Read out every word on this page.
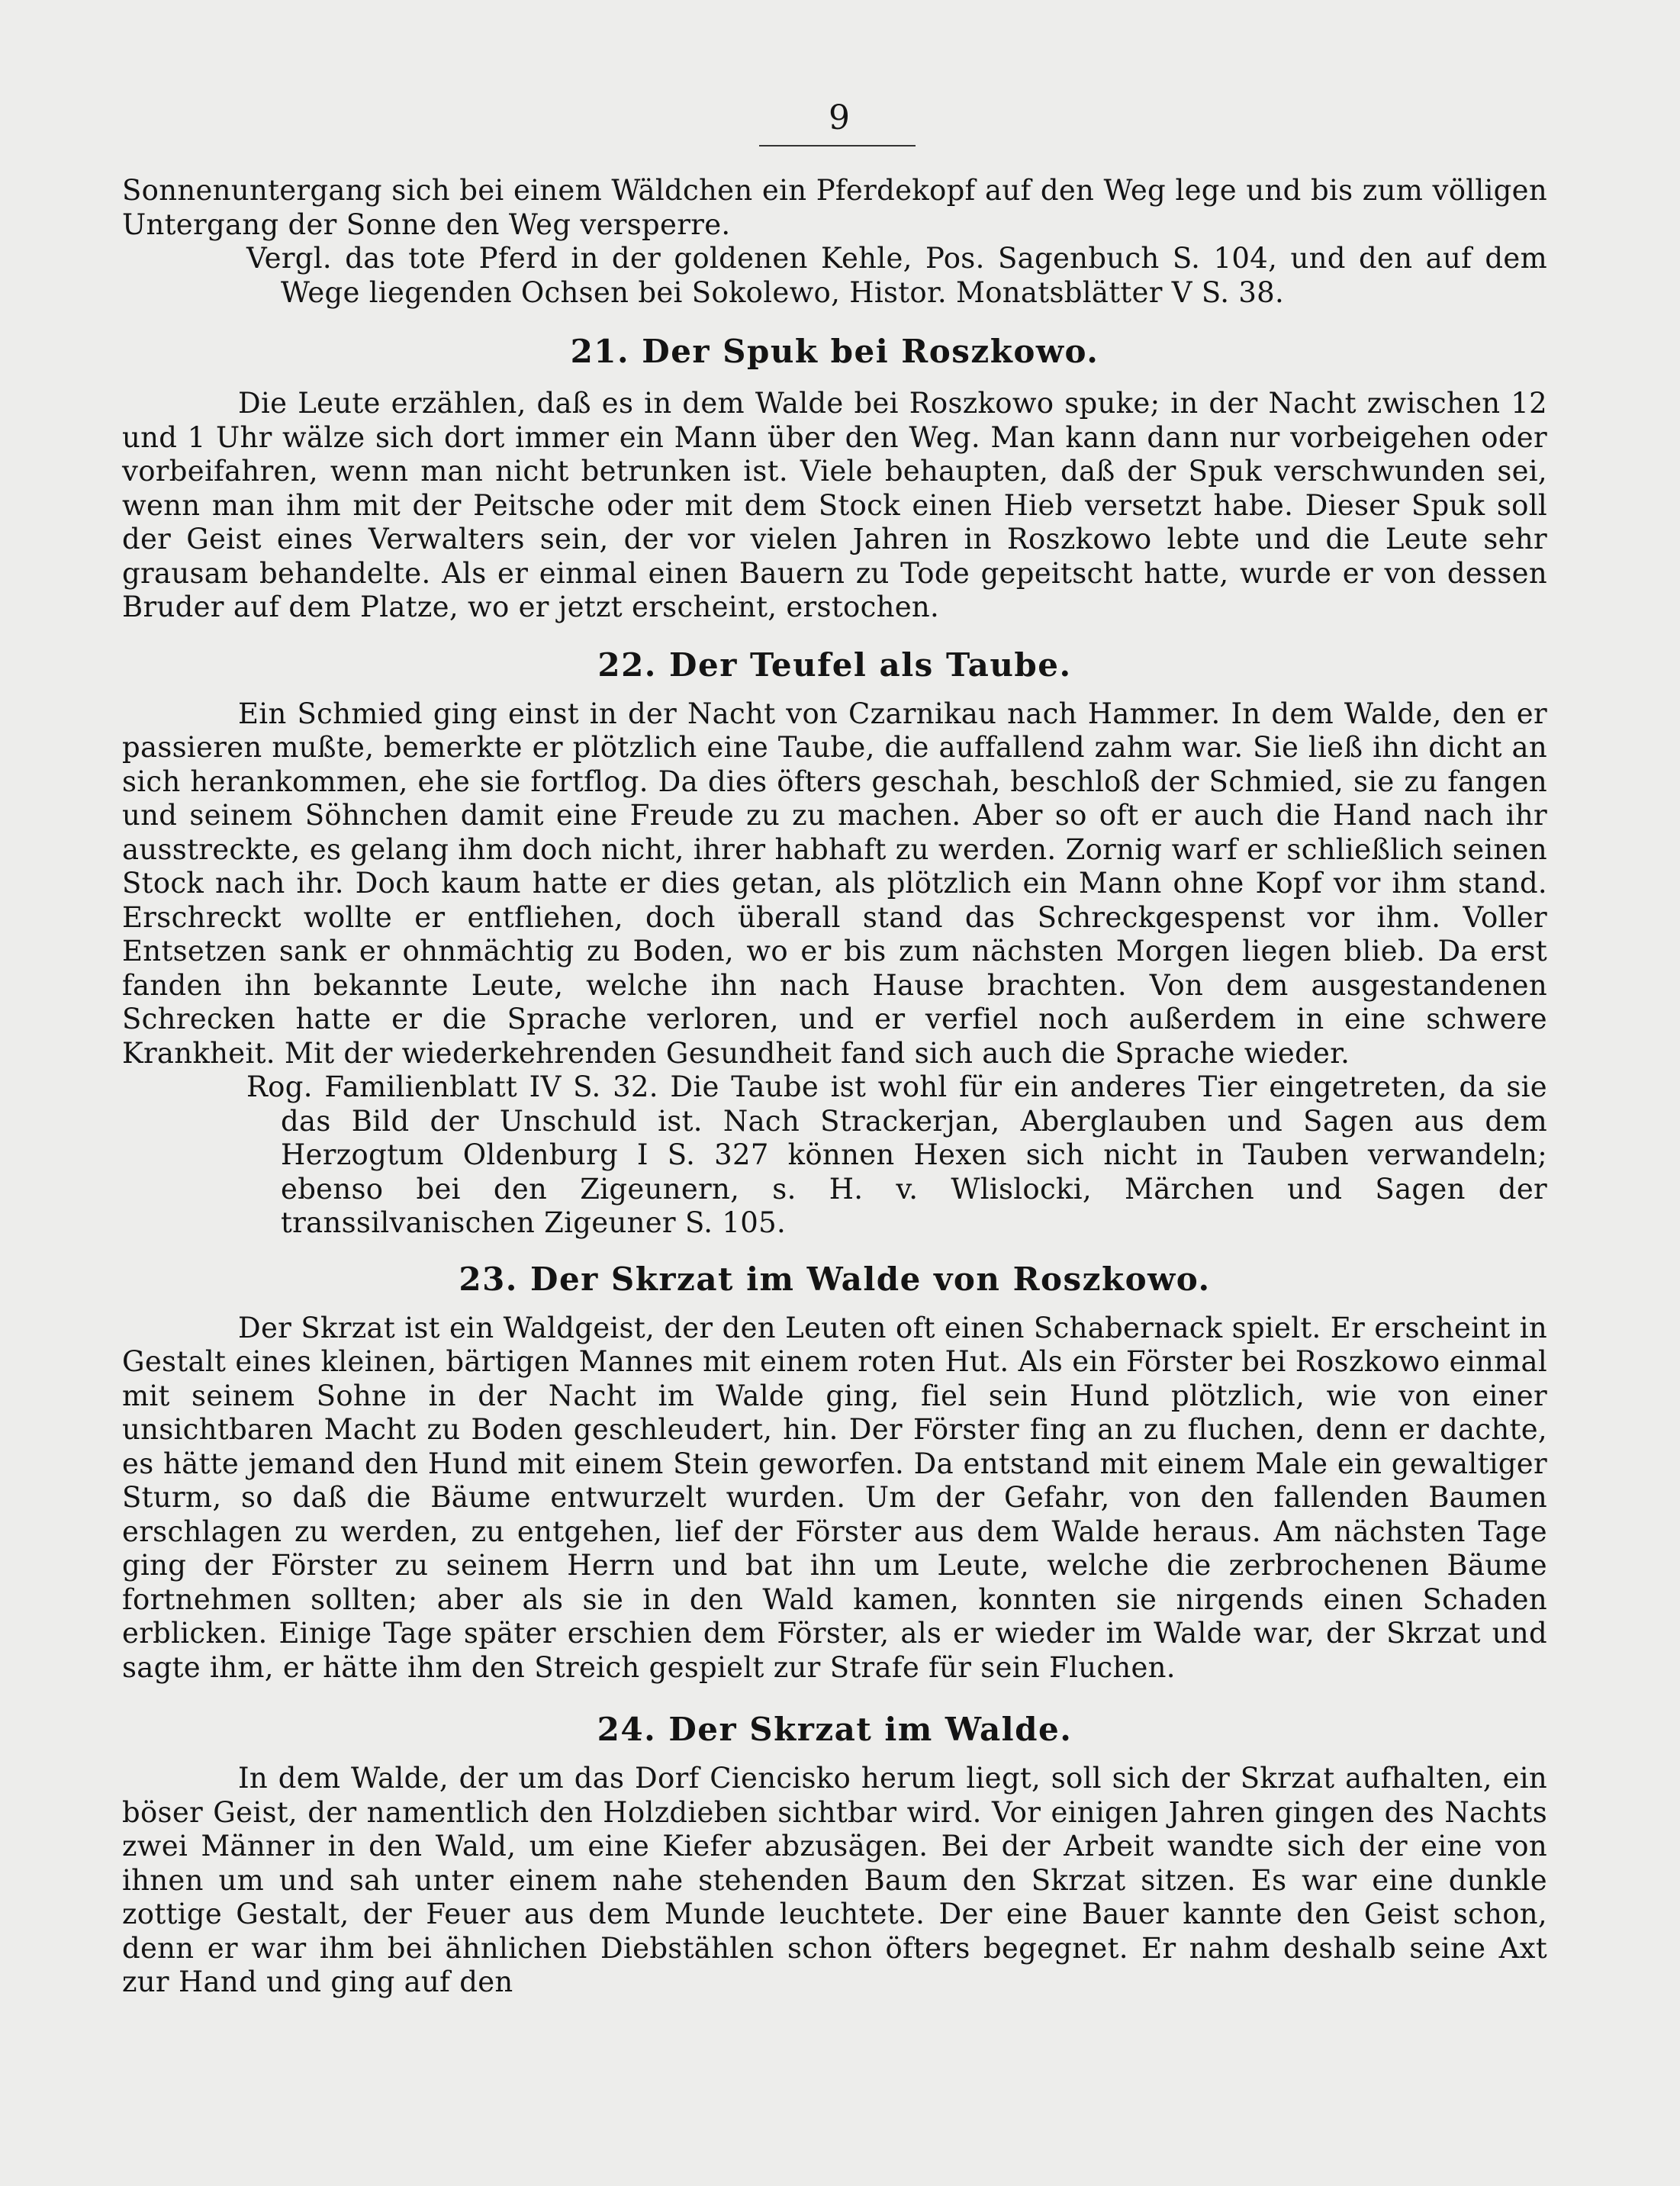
9

Sonnenuntergang sich bei einem Wäldchen ein Pferdekopf auf den Weg lege und bis zum völligen Untergang der Sonne den Weg versperre.

Vergl. das tote Pferd in der goldenen Kehle, Pos. Sagenbuch S. 104, und den auf dem Wege liegenden Ochsen bei Sokolewo, Histor. Monatsblätter V S. 38.

21. Der Spuk bei Roszkowo.

Die Leute erzählen, daß es in dem Walde bei Roszkowo spuke; in der Nacht zwischen 12 und 1 Uhr wälze sich dort immer ein Mann über den Weg. Man kann dann nur vorbeigehen oder vorbeifahren, wenn man nicht betrunken ist. Viele behaupten, daß der Spuk verschwunden sei, wenn man ihm mit der Peitsche oder mit dem Stock einen Hieb versetzt habe. Dieser Spuk soll der Geist eines Verwalters sein, der vor vielen Jahren in Roszkowo lebte und die Leute sehr grausam behandelte. Als er einmal einen Bauern zu Tode gepeitscht hatte, wurde er von dessen Bruder auf dem Platze, wo er jetzt erscheint, erstochen.

22. Der Teufel als Taube.

Ein Schmied ging einst in der Nacht von Czarnikau nach Hammer. In dem Walde, den er passieren mußte, bemerkte er plötzlich eine Taube, die auffallend zahm war. Sie ließ ihn dicht an sich herankommen, ehe sie fortflog. Da dies öfters geschah, beschloß der Schmied, sie zu fangen und seinem Söhnchen damit eine Freude zu zu machen. Aber so oft er auch die Hand nach ihr ausstreckte, es gelang ihm doch nicht, ihrer habhaft zu werden. Zornig warf er schließlich seinen Stock nach ihr. Doch kaum hatte er dies getan, als plötzlich ein Mann ohne Kopf vor ihm stand. Erschreckt wollte er entfliehen, doch überall stand das Schreckgespenst vor ihm. Voller Entsetzen sank er ohnmächtig zu Boden, wo er bis zum nächsten Morgen liegen blieb. Da erst fanden ihn bekannte Leute, welche ihn nach Hause brachten. Von dem ausgestandenen Schrecken hatte er die Sprache verloren, und er verfiel noch außerdem in eine schwere Krankheit. Mit der wiederkehrenden Gesundheit fand sich auch die Sprache wieder.

Rog. Familienblatt IV S. 32. Die Taube ist wohl für ein anderes Tier eingetreten, da sie das Bild der Unschuld ist. Nach Strackerjan, Aberglauben und Sagen aus dem Herzogtum Oldenburg I S. 327 können Hexen sich nicht in Tauben verwandeln; ebenso bei den Zigeunern, s. H. v. Wlislocki, Märchen und Sagen der transsilvanischen Zigeuner S. 105.

23. Der Skrzat im Walde von Roszkowo.

Der Skrzat ist ein Waldgeist, der den Leuten oft einen Schabernack spielt. Er erscheint in Gestalt eines kleinen, bärtigen Mannes mit einem roten Hut. Als ein Förster bei Roszkowo einmal mit seinem Sohne in der Nacht im Walde ging, fiel sein Hund plötzlich, wie von einer unsichtbaren Macht zu Boden geschleudert, hin. Der Förster fing an zu fluchen, denn er dachte, es hätte jemand den Hund mit einem Stein geworfen. Da entstand mit einem Male ein gewaltiger Sturm, so daß die Bäume entwurzelt wurden. Um der Gefahr, von den fallenden Baumen erschlagen zu werden, zu entgehen, lief der Förster aus dem Walde heraus. Am nächsten Tage ging der Förster zu seinem Herrn und bat ihn um Leute, welche die zerbrochenen Bäume fortnehmen sollten; aber als sie in den Wald kamen, konnten sie nirgends einen Schaden erblicken. Einige Tage später erschien dem Förster, als er wieder im Walde war, der Skrzat und sagte ihm, er hätte ihm den Streich gespielt zur Strafe für sein Fluchen.

24. Der Skrzat im Walde.

In dem Walde, der um das Dorf Ciencisko herum liegt, soll sich der Skrzat aufhalten, ein böser Geist, der namentlich den Holzdieben sichtbar wird. Vor einigen Jahren gingen des Nachts zwei Männer in den Wald, um eine Kiefer abzusägen. Bei der Arbeit wandte sich der eine von ihnen um und sah unter einem nahe stehenden Baum den Skrzat sitzen. Es war eine dunkle zottige Gestalt, der Feuer aus dem Munde leuchtete. Der eine Bauer kannte den Geist schon, denn er war ihm bei ähnlichen Diebstählen schon öfters begegnet. Er nahm deshalb seine Axt zur Hand und ging auf den
